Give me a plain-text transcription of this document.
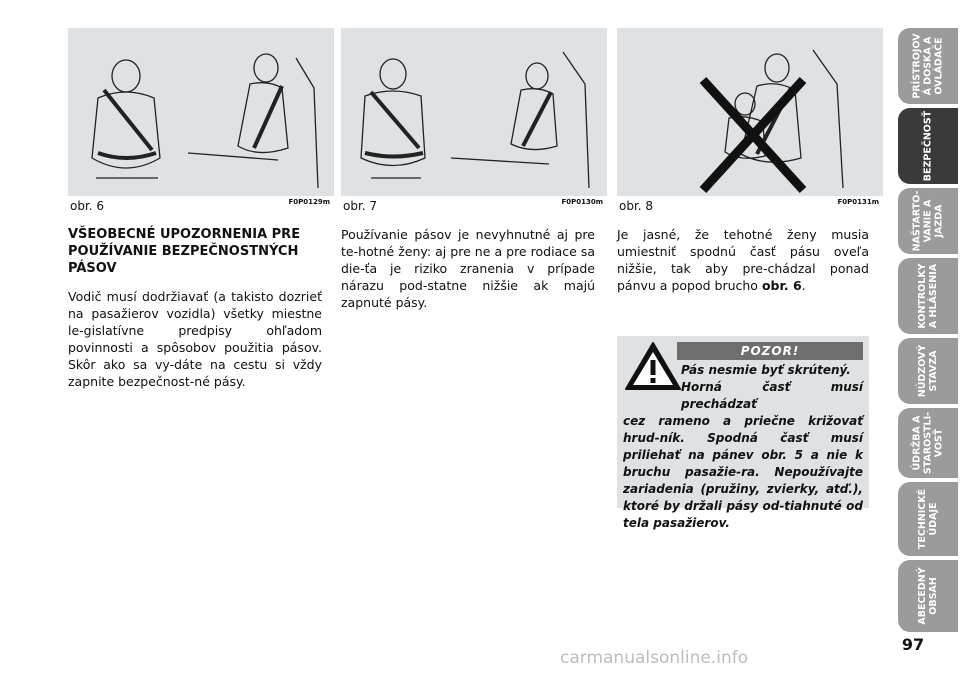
obr. 6	F0P0129m obr. 7	F0P0130m obr. 8	F0P0131m
VŠEOBECNÉ UPOZORNENIA PRE POUŽÍVANIE BEZPEČNOSTNÝCH PÁSOV
Vodič musí dodržiavať (a takisto dozrieť na pasažierov vozidla) všetky miestne le-gislatívne predpisy ohľadom povinnosti a spôsobov použitia pásov. Skôr ako sa vy-dáte na cestu si vždy zapnite bezpečnost-né pásy.
Používanie pásov je nevyhnutné aj pre te-hotné ženy: aj pre ne a pre rodiace sa die-ťa je riziko zranenia v prípade nárazu pod-statne nižšie ak majú zapnuté pásy.
Je jasné, že tehotné ženy musia umiestniť spodnú časť pásu oveľa nižšie, tak aby pre-chádzal ponad pánvu a popod brucho obr. 6.
POZOR!
Pás nesmie byť skrútený.
Horná časť musí prechádzať
cez rameno a priečne križovať hrud-ník. Spodná časť musí priliehať na pánev obr. 5 a nie k bruchu pasažie-ra. Nepoužívajte zariadenia (pružiny, zvierky, atď.), ktoré by držali pásy od-tiahnuté od tela pasažierov.
PRÍSTROJOV
Á DOSKA A
OVLÁDAČE
BEZPEČNOSŤ
NAŠTARTO-
VANIE A
JAZDA
KONTROLKY
A HLÁSENIA
NÚDZOVÝ
STAVZA
ÚDRŽBA A
STAROSTLI-
VOSŤ
TECHNICKÉ
ÚDAJE
ABECEDNÝ
OBSAH
97
carmanualsonline.info
